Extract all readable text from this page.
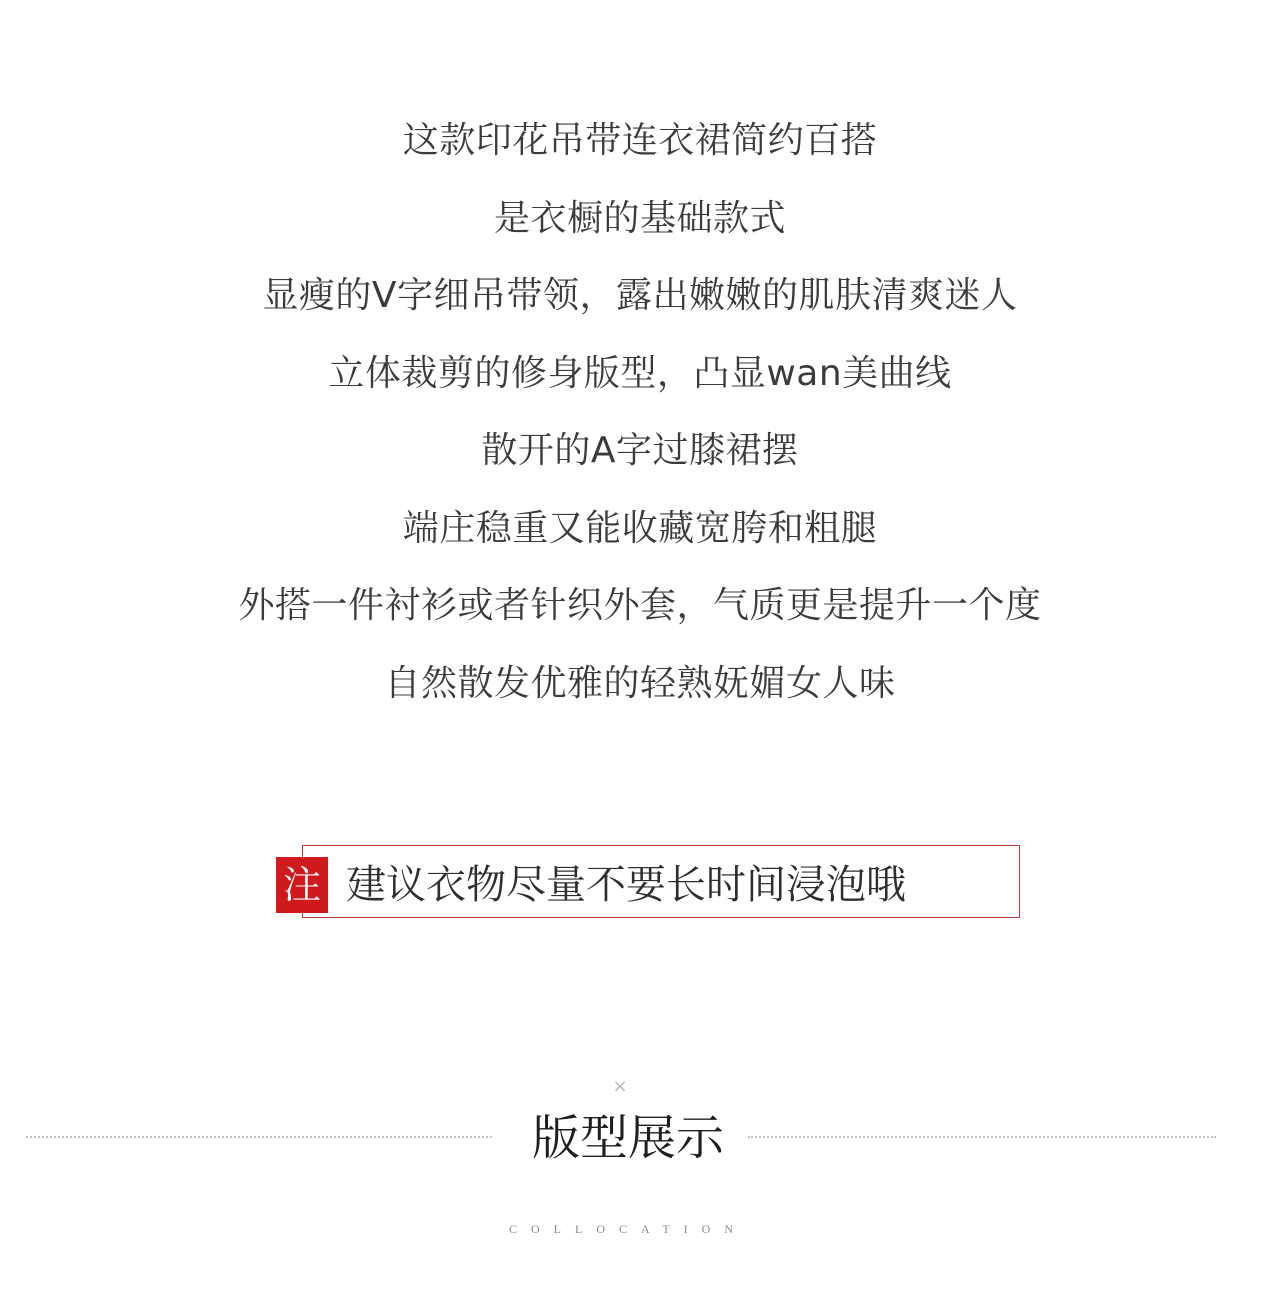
这款印花吊带连衣裙简约百搭
是衣橱的基础款式
显瘦的V字细吊带领，露出嫩嫩的肌肤清爽迷人
立体裁剪的修身版型，凸显wan美曲线
散开的A字过膝裙摆
端庄稳重又能收藏宽胯和粗腿
外搭一件衬衫或者针织外套，气质更是提升一个度
自然散发优雅的轻熟妩媚女人味
注 建议衣物尽量不要长时间浸泡哦
×
版型展示
COLLOCATION
